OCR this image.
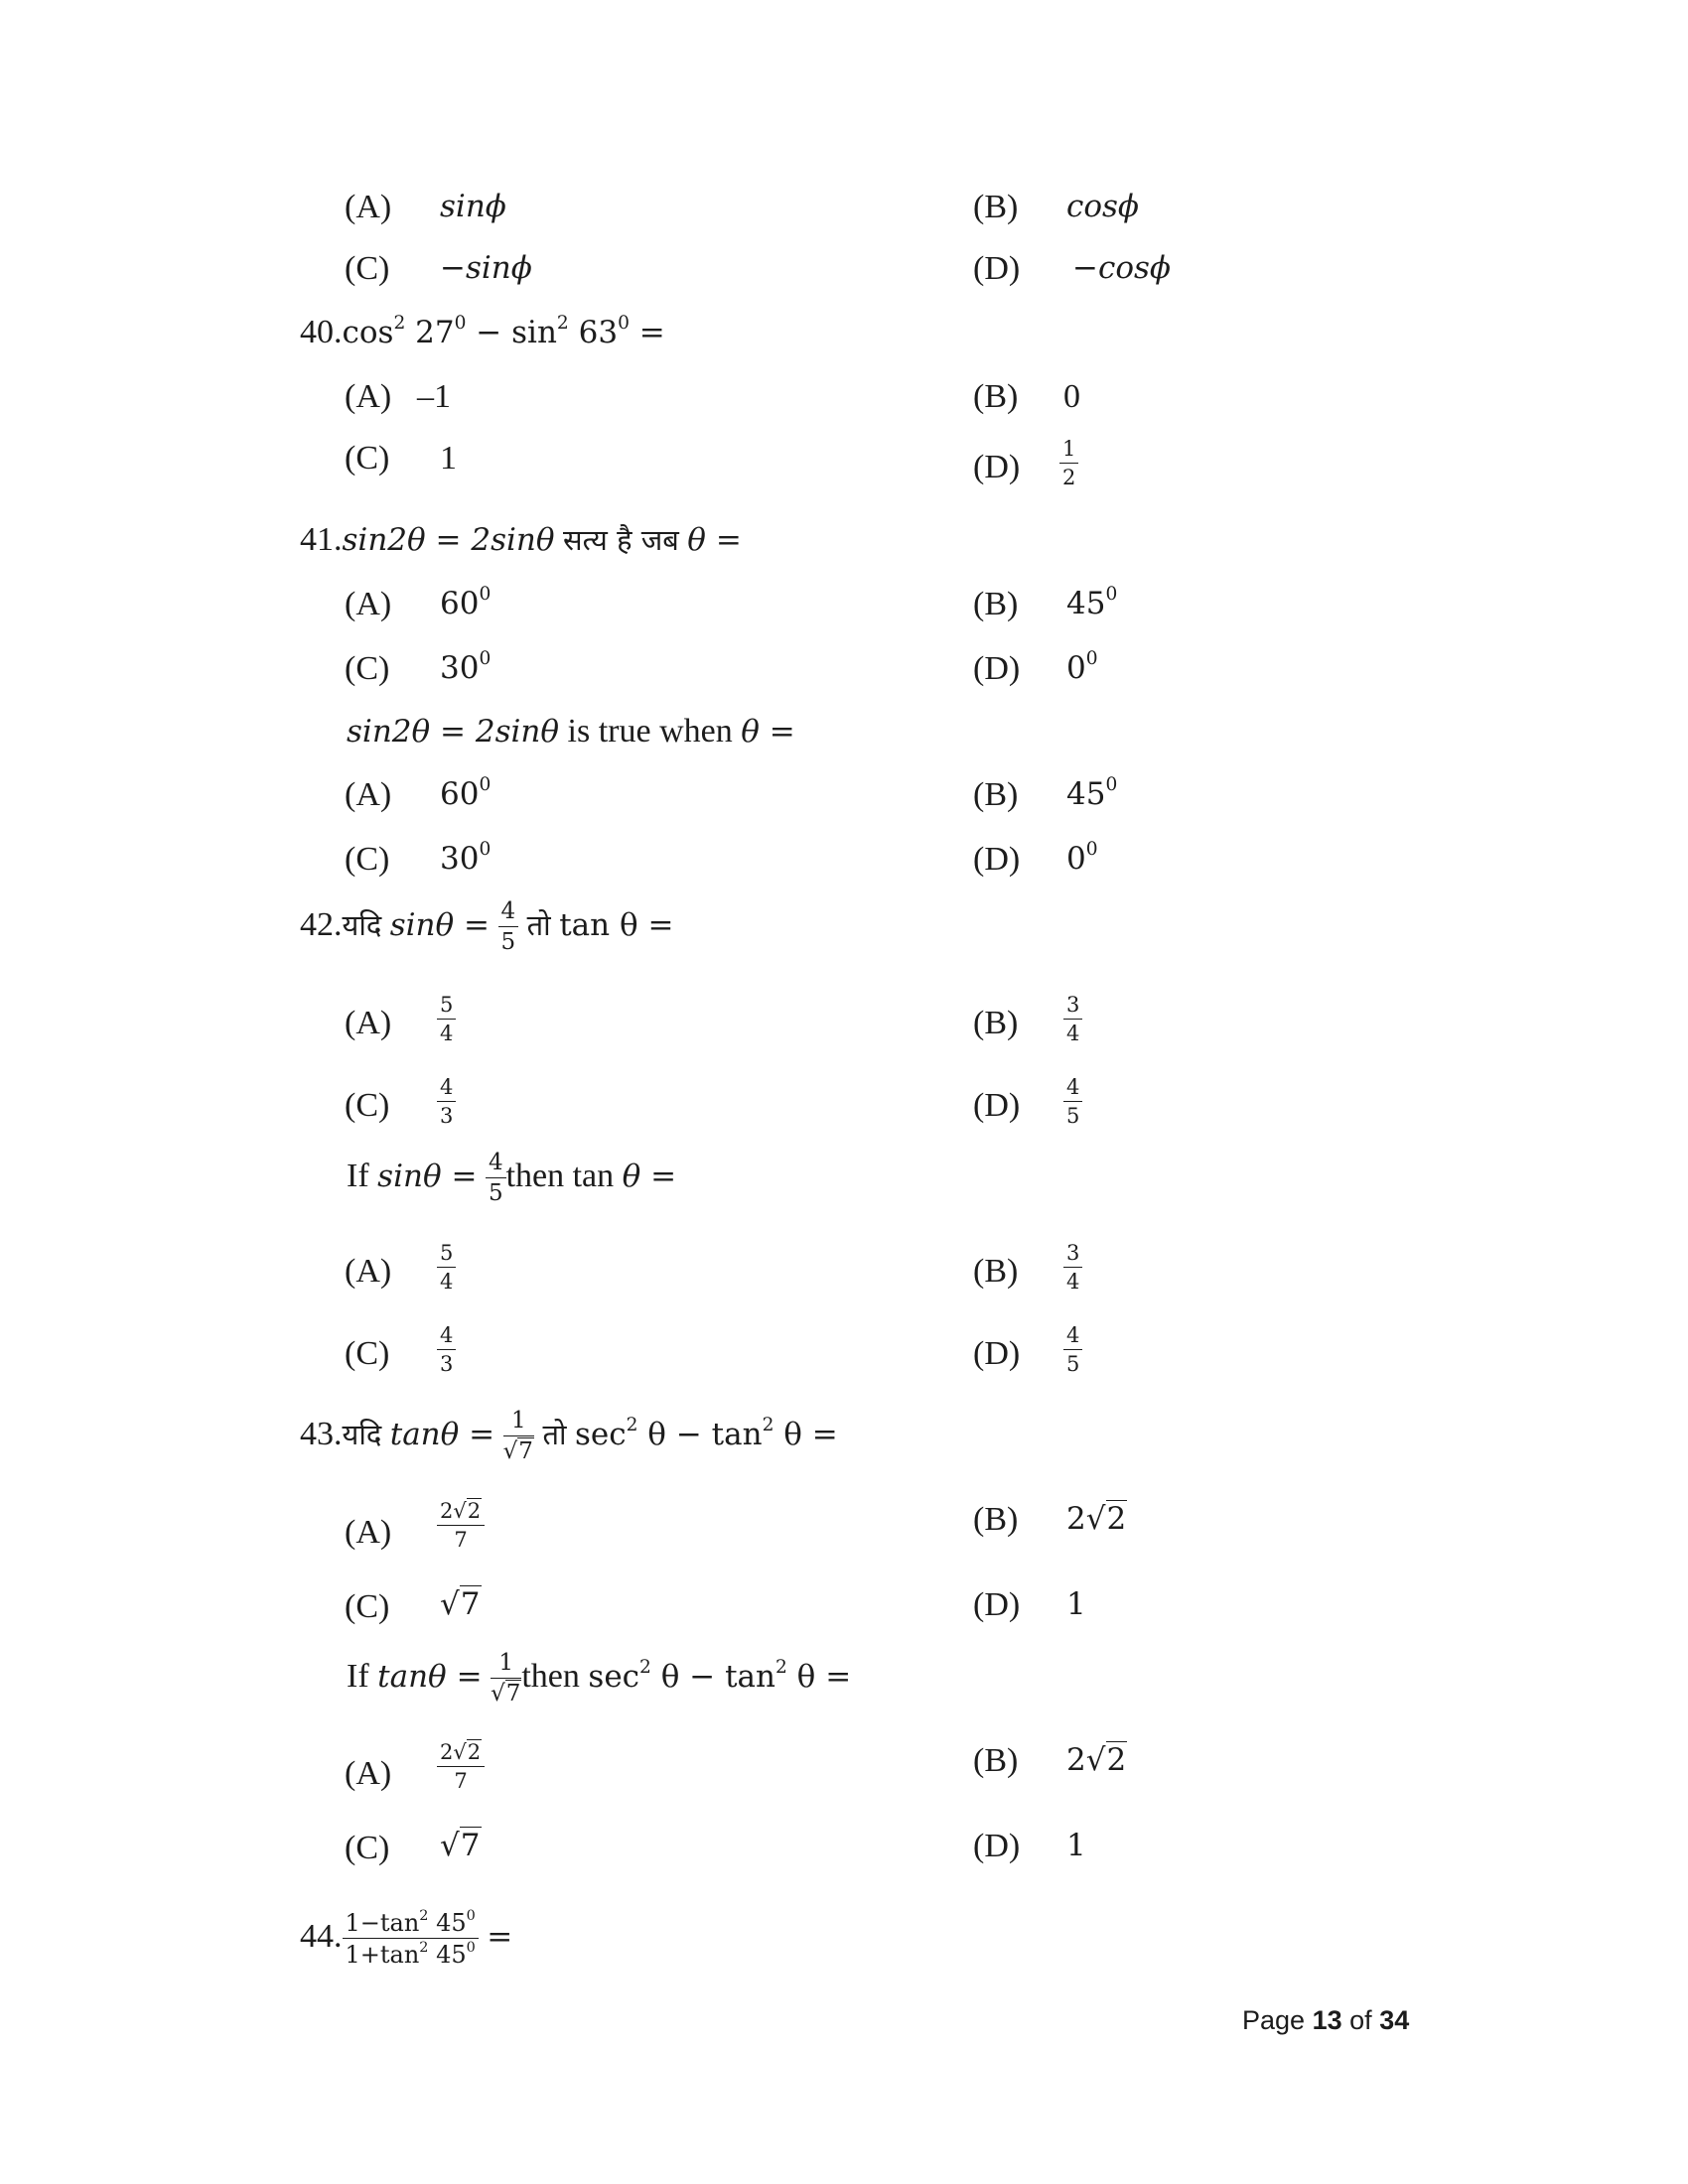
(A) sinϕ	(B) cosϕ
(C) −sinϕ	(D) −cosϕ
$40.\cos^2$ $27^0 - \sin^2 63^0$ =
(A) –1	(B) 0
(C) 1	$(D) \frac{1}{2}$
41.sin2θ = 2sinθ सत्य है जब θ =
(A) $60^0$	(B) $45^0$
(C) $30^0$	(D) $0^0$
sin2θ = 2sinθ is true when θ =
(A) $60^0$	(B) $45^0$
(C) $30^0$	(D) $0^0$
42.यदि $\sin\theta = \frac{4}{5}$ तो tan θ =
$(A) \frac{5}{4}$	$(B) \frac{3}{4}$
$(C) \frac{4}{3}$	$(D) \frac{4}{5}$
If $\sin\theta = \frac{4}{5}$ then tan θ =
$(A) \frac{5}{4}$	$(B) \frac{3}{4}$
$(C) \frac{4}{3}$	$(D) \frac{4}{5}$
43.यदि $\tan\theta = \frac{1}{√7}$ तो $\sec^2 \theta - \tan^2 \theta$ =
$(A) \frac{2√2}{7}$	(B) 2√2
(C) √7	(D) 1
If $\tan\theta = \frac{1}{√7}$ then $\sec^2 \theta - \tan^2 \theta$ =
$(A) \frac{2√2}{7}$	(B) 2√2
(C) √7	(D) 1
44. $\frac{1-\tan^2 45^0}{1+\tan^2 45^0}$ =
Page 13 of 34
